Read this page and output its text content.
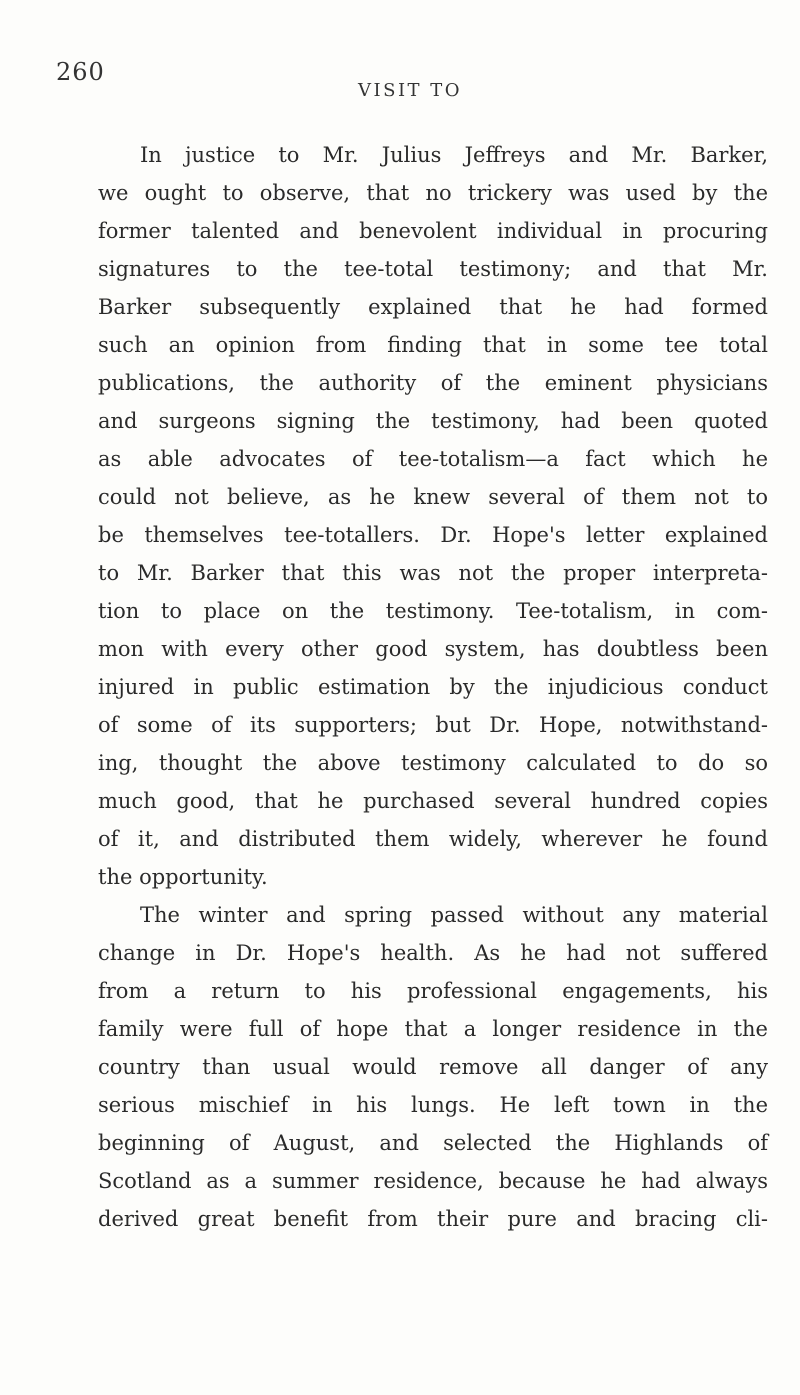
260
VISIT TO
In justice to Mr. Julius Jeffreys and Mr. Barker,
we ought to observe, that no trickery was used by the
former talented and benevolent individual in procuring
signatures to the tee-total testimony; and that Mr.
Barker subsequently explained that he had formed
such an opinion from finding that in some tee total
publications, the authority of the eminent physicians
and surgeons signing the testimony, had been quoted
as able advocates of tee-totalism—a fact which he
could not believe, as he knew several of them not to
be themselves tee-totallers. Dr. Hope's letter explained
to Mr. Barker that this was not the proper interpreta-
tion to place on the testimony. Tee-totalism, in com-
mon with every other good system, has doubtless been
injured in public estimation by the injudicious conduct
of some of its supporters; but Dr. Hope, notwithstand-
ing, thought the above testimony calculated to do so
much good, that he purchased several hundred copies
of it, and distributed them widely, wherever he found
the opportunity.
The winter and spring passed without any material
change in Dr. Hope's health. As he had not suffered
from a return to his professional engagements, his
family were full of hope that a longer residence in the
country than usual would remove all danger of any
serious mischief in his lungs. He left town in the
beginning of August, and selected the Highlands of
Scotland as a summer residence, because he had always
derived great benefit from their pure and bracing cli-
